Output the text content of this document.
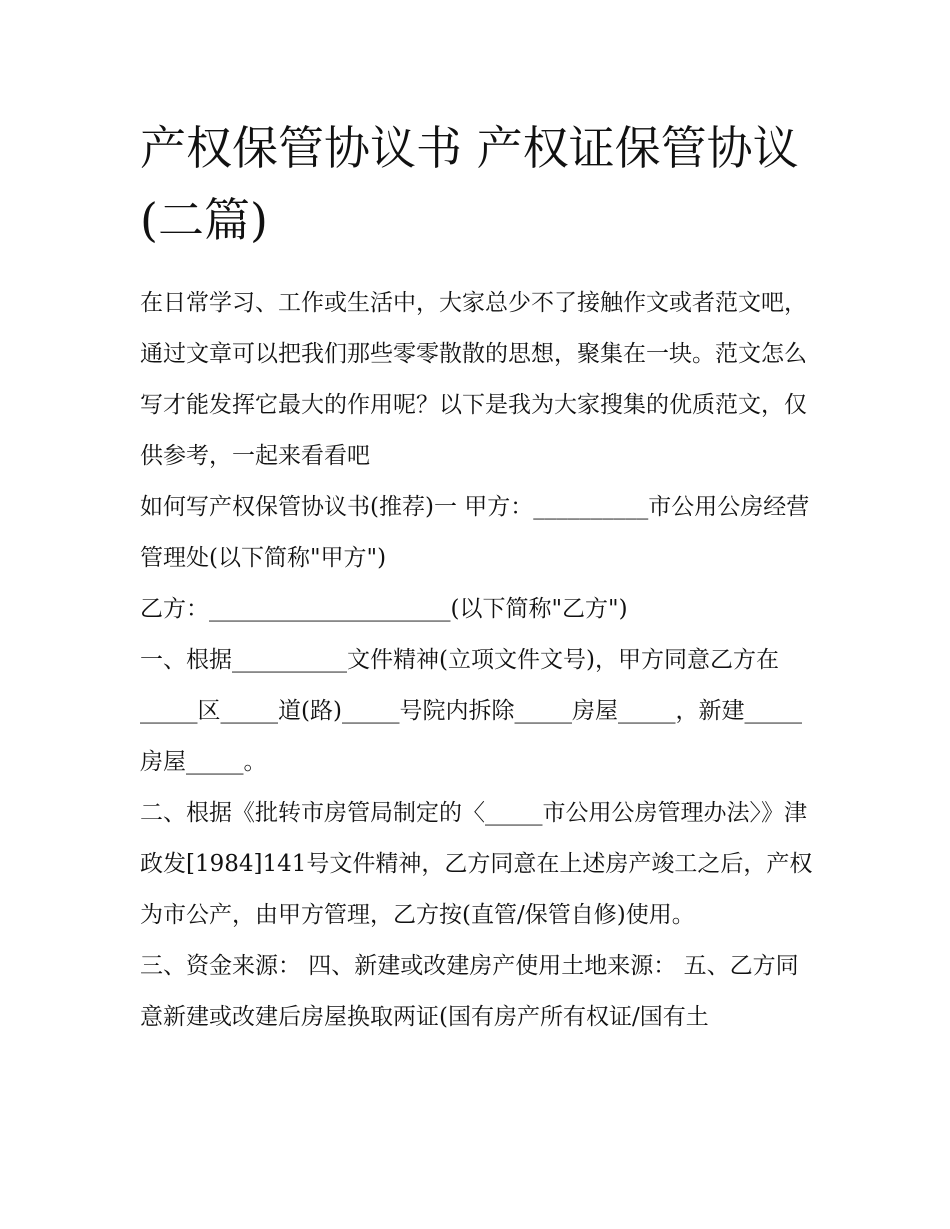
产权保管协议书 产权证保管协议(二篇)

在日常学习、工作或生活中，大家总少不了接触作文或者范文吧，通过文章可以把我们那些零零散散的思想，聚集在一块。范文怎么写才能发挥它最大的作用呢？以下是我为大家搜集的优质范文，仅供参考，一起来看看吧

如何写产权保管协议书(推荐)一 甲方：__________市公用公房经营管理处(以下简称"甲方")

乙方：_____________________(以下简称"乙方")

一、根据__________文件精神(立项文件文号)，甲方同意乙方在_____区_____道(路)_____号院内拆除_____房屋_____，新建_____房屋_____。

二、根据《批转市房管局制定的〈_____市公用公房管理办法〉》津政发[1984]141号文件精神，乙方同意在上述房产竣工之后，产权为市公产，由甲方管理，乙方按(直管/保管自修)使用。

三、资金来源： 四、新建或改建房产使用土地来源： 五、乙方同意新建或改建后房屋换取两证(国有房产所有权证/国有土
